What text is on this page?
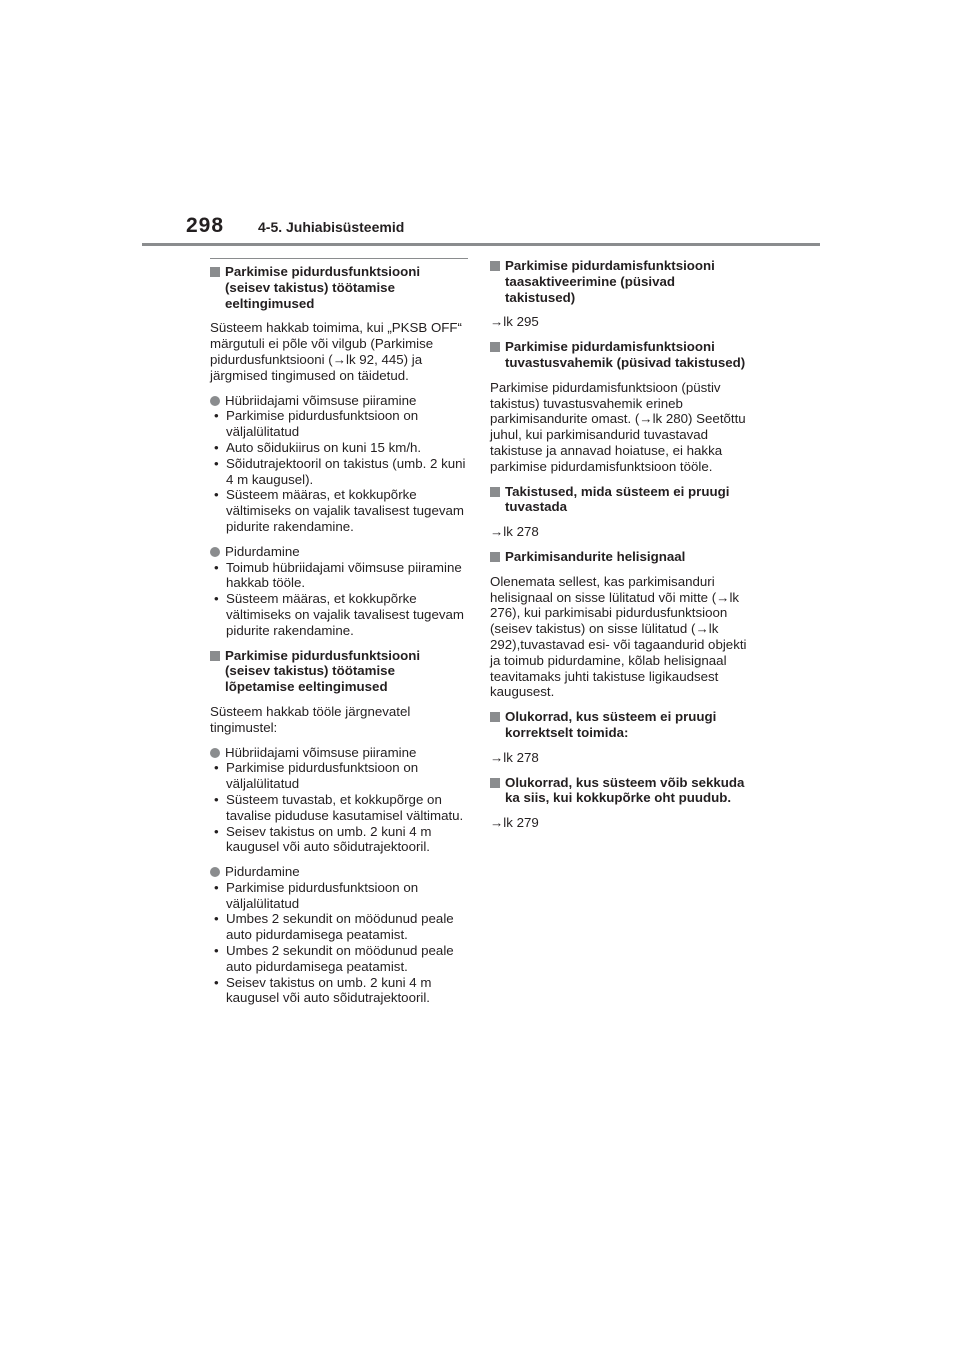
298 4-5. Juhiabisüsteemid
Parkimise pidurdusfunktsiooni (seisev takistus) töötamise eeltingimused
Süsteem hakkab toimima, kui „PKSB OFF“ märgutuli ei põle või vilgub (Parkimise pidurdusfunktsiooni (→lk 92, 445) ja järgmised tingimused on täidetud.
Hübriidajami võimsuse piiramine
• Parkimise pidurdusfunktsioon on väljalülitatud
• Auto sõidukiirus on kuni 15 km/h.
• Sõidutrajektooril on takistus (umb. 2 kuni 4 m kaugusel).
• Süsteem määras, et kokkupõrke vältimiseks on vajalik tavalisest tugevam pidurite rakendamine.
Pidurdamine
• Toimub hübriidajami võimsuse piiramine hakkab tööle.
• Süsteem määras, et kokkupõrke vältimiseks on vajalik tavalisest tugevam pidurite rakendamine.
Parkimise pidurdusfunktsiooni (seisev takistus) töötamise lõpetamise eeltingimused
Süsteem hakkab tööle järgnevatel tingimustel:
Hübriidajami võimsuse piiramine
• Parkimise pidurdusfunktsioon on väljalülitatud
• Süsteem tuvastab, et kokkupõrge on tavalise piduduse kasutamisel vältimatu.
• Seisev takistus on umb. 2 kuni 4 m kaugusel või auto sõidutrajektooril.
Pidurdamine
• Parkimise pidurdusfunktsioon on väljalülitatud
• Umbes 2 sekundit on möödunud peale auto pidurdamisega peatamist.
• Umbes 2 sekundit on möödunud peale auto pidurdamisega peatamist.
• Seisev takistus on umb. 2 kuni 4 m kaugusel või auto sõidutrajektooril.
Parkimise pidurdamisfunktsiooni taasaktiveerimine (püsivad takistused)
→lk 295
Parkimise pidurdamisfunktsiooni tuvastusvahemik (püsivad takistused)
Parkimise pidurdamisfunktsioon (püstiv takistus) tuvastusvahemik erineb parkimisandurite omast. (→lk 280) Seetõttu juhul, kui parkimisandurid tuvastavad takistuse ja annavad hoiatuse, ei hakka parkimise pidurdamisfunktsioon tööle.
Takistused, mida süsteem ei pruugi tuvastada
→lk 278
Parkimisandurite helisignaal
Olenemata sellest, kas parkimisanduri helisignaal on sisse lülitatud või mitte (→lk 276), kui parkimisabi pidurdusfunktsioon (seisev takistus) on sisse lülitatud (→lk 292),tuvastavad esi- või tagaandurid objekti ja toimub pidurdamine, kõlab helisignaal teavitamaks juhti takistuse ligikaudsest kaugusest.
Olukorrad, kus süsteem ei pruugi korrektselt toimida:
→lk 278
Olukorrad, kus süsteem võib sekkuda ka siis, kui kokkupõrke oht puudub.
→lk 279
